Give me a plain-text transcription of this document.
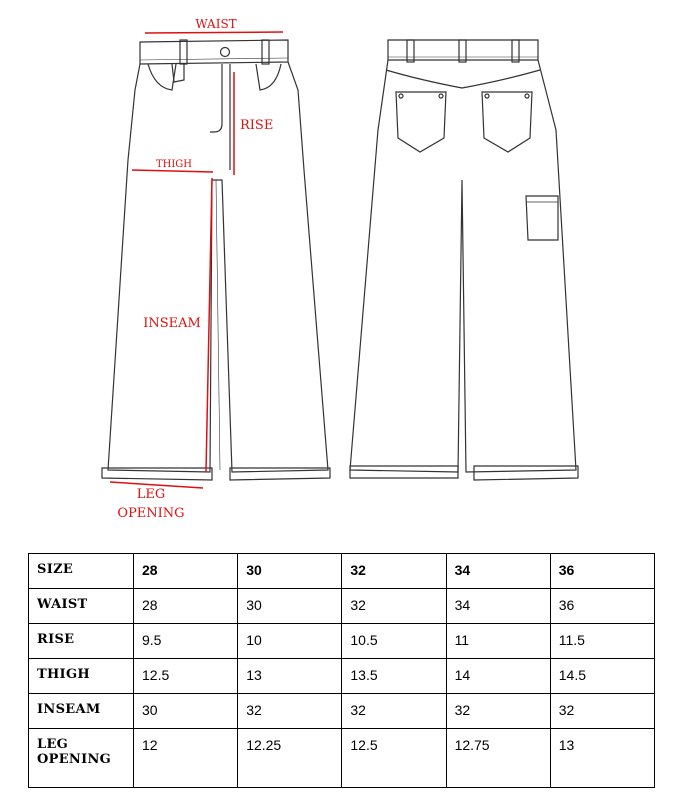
WAIST
RISE
THIGH
INSEAM
LEG
OPENING
SIZE	28	30	32	34	36
WAIST	28	30	32	34	36
RISE	9.5	10	10.5	11	11.5
THIGH	12.5	13	13.5	14	14.5
INSEAM	30	32	32	32	32

LEG
OPENING	12	12.25	12.5	12.75	13
